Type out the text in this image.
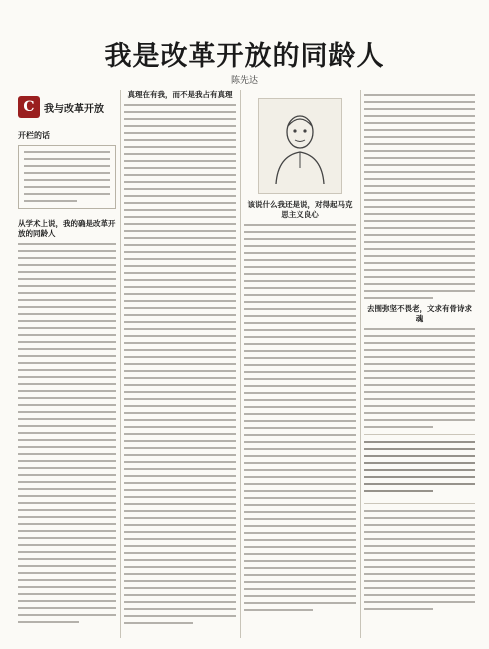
我是改革开放的同龄人
陈先达
C 我与改革开放
开栏的话
从学术上说，我的确是改革开放的同龄人
真理在有我，而不是我占有真理
该说什么我还是说，对得起马克思主义良心
去围弥坚不畏老，文求有骨诗求魂
